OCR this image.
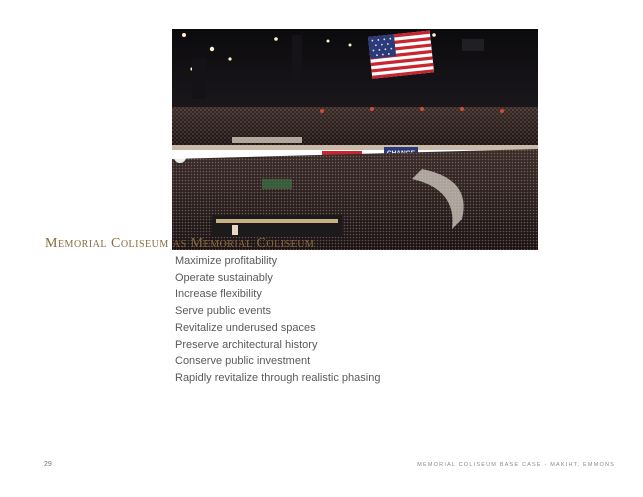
Memorial Coliseum as Memorial Coliseum
Maximize profitability
Operate sustainably
Increase flexibility
Serve public events
Revitalize underused spaces
Preserve architectural history
Conserve public investment
Rapidly revitalize through realistic phasing
29	MEMORIAL COLISEUM BASE CASE - MAKIHT, EMMONS
